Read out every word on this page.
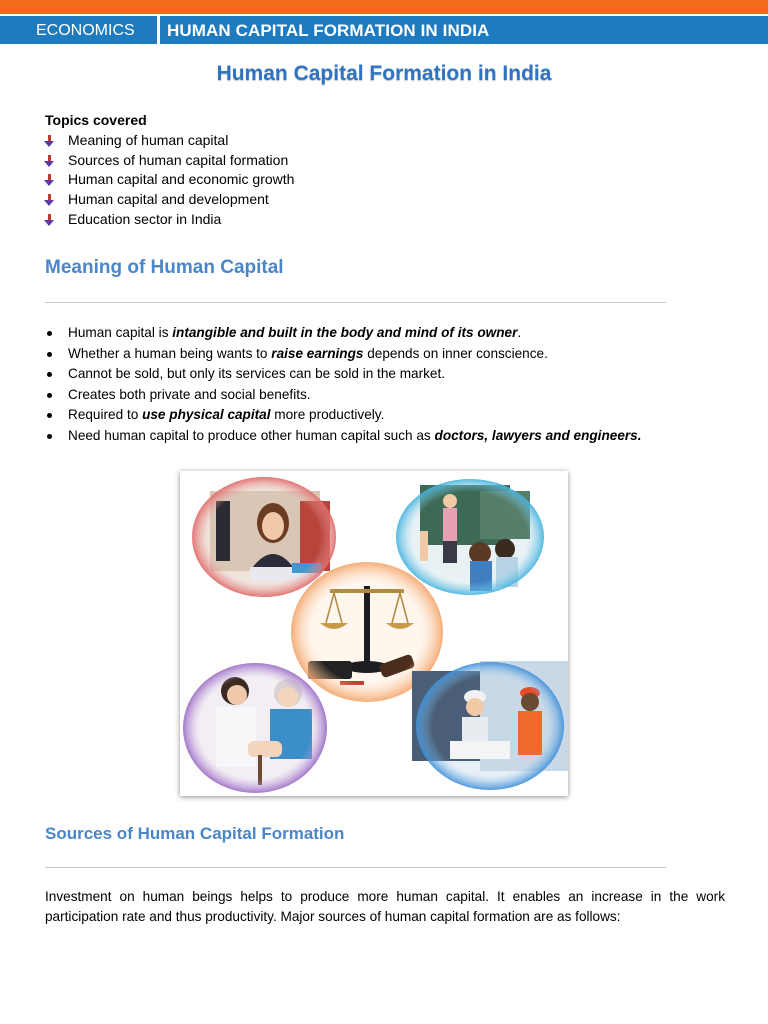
ECONOMICS	HUMAN CAPITAL FORMATION IN INDIA
Human Capital Formation in India
Topics covered
Meaning of human capital
Sources of human capital formation
Human capital and economic growth
Human capital and development
Education sector in India
Meaning of Human Capital
Human capital is intangible and built in the body and mind of its owner.
Whether a human being wants to raise earnings depends on inner conscience.
Cannot be sold, but only its services can be sold in the market.
Creates both private and social benefits.
Required to use physical capital more productively.
Need human capital to produce other human capital such as doctors, lawyers and engineers.
Sources of Human Capital Formation
Investment on human beings helps to produce more human capital. It enables an increase in the work participation rate and thus productivity. Major sources of human capital formation are as follows:
